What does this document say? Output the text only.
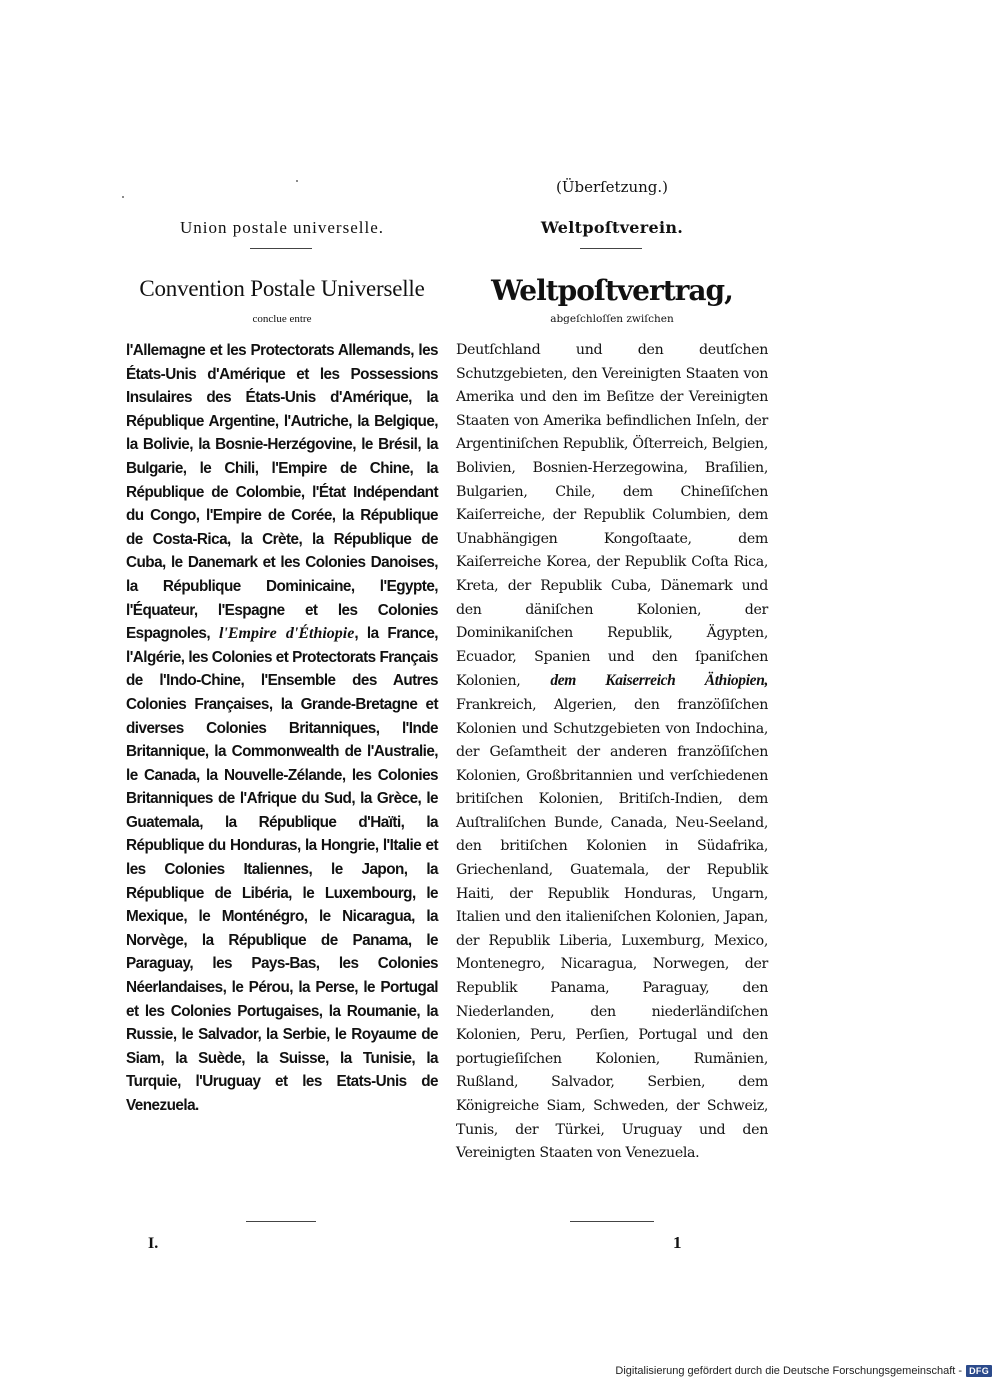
Union postale universelle.
Convention Postale Universelle
conclue entre
l'Allemagne et les Protectorats Allemands, les États-Unis d'Amérique et les Possessions Insulaires des États-Unis d'Amérique, la République Argentine, l'Autriche, la Belgique, la Bolivie, la Bosnie-Herzégovine, le Brésil, la Bulgarie, le Chili, l'Empire de Chine, la République de Colombie, l'État Indépendant du Congo, l'Empire de Corée, la République de Costa-Rica, la Crète, la République de Cuba, le Danemark et les Colonies Danoises, la République Dominicaine, l'Egypte, l'Équateur, l'Espagne et les Colonies Espagnoles, l'Empire d'Éthiopie, la France, l'Algérie, les Colonies et Protectorats Français de l'Indo-Chine, l'Ensemble des Autres Colonies Françaises, la Grande-Bretagne et diverses Colonies Britanniques, l'Inde Britannique, la Commonwealth de l'Australie, le Canada, la Nouvelle-Zélande, les Colonies Britanniques de l'Afrique du Sud, la Grèce, le Guatemala, la République d'Haïti, la République du Honduras, la Hongrie, l'Italie et les Colonies Italiennes, le Japon, la République de Libéria, le Luxembourg, le Mexique, le Monténégro, le Nicaragua, la Norvège, la République de Panama, le Paraguay, les Pays-Bas, les Colonies Néerlandaises, le Pérou, la Perse, le Portugal et les Colonies Portugaises, la Roumanie, la Russie, le Salvador, la Serbie, le Royaume de Siam, la Suède, la Suisse, la Tunisie, la Turquie, l'Uruguay et les Etats-Unis de Venezuela.
I.
(Überſetzung.)
Weltpoſtverein.
Weltpoſtvertrag,
abgeſchloſſen zwiſchen
Deutſchland und den deutſchen Schutzgebieten, den Vereinigten Staaten von Amerika und den im Beſitze der Vereinigten Staaten von Amerika befindlichen Inſeln, der Argentiniſchen Republik, Öſterreich, Belgien, Bolivien, Bosnien-Herzegowina, Braſilien, Bulgarien, Chile, dem Chineſiſchen Kaiſerreiche, der Republik Columbien, dem Unabhängigen Kongoſtaate, dem Kaiſerreiche Korea, der Republik Coſta Rica, Kreta, der Republik Cuba, Dänemark und den däniſchen Kolonien, der Dominikaniſchen Republik, Ägypten, Ecuador, Spanien und den ſpaniſchen Kolonien, dem Kaiserreich Äthiopien, Frankreich, Algerien, den franzöſiſchen Kolonien und Schutzgebieten von Indochina, der Geſamtheit der anderen franzöſiſchen Kolonien, Großbritannien und verſchiedenen britiſchen Kolonien, Britiſch-Indien, dem Auſtraliſchen Bunde, Canada, Neu-Seeland, den britiſchen Kolonien in Südafrika, Griechenland, Guatemala, der Republik Haiti, der Republik Honduras, Ungarn, Italien und den italieniſchen Kolonien, Japan, der Republik Liberia, Luxemburg, Mexico, Montenegro, Nicaragua, Norwegen, der Republik Panama, Paraguay, den Niederlanden, den niederländiſchen Kolonien, Peru, Perſien, Portugal und den portugieſiſchen Kolonien, Rumänien, Rußland, Salvador, Serbien, dem Königreiche Siam, Schweden, der Schweiz, Tunis, der Türkei, Uruguay und den Vereinigten Staaten von Venezuela.
1
Digitalisierung gefördert durch die Deutsche Forschungsgemeinschaft - DFG
